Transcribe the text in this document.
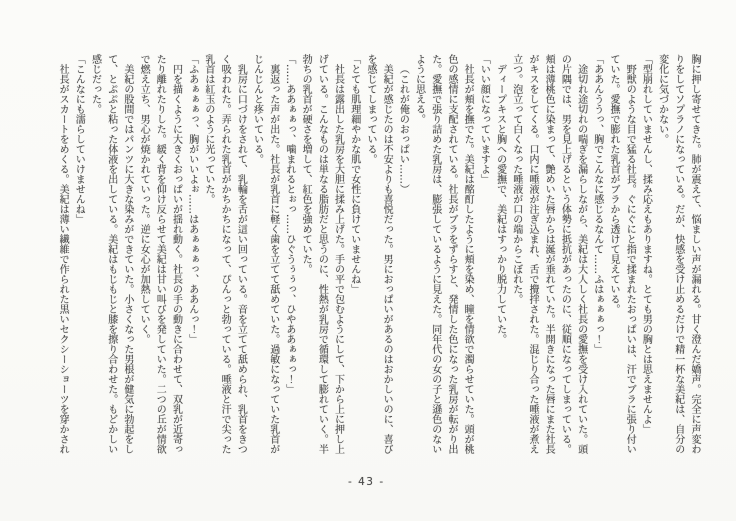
胸に押し寄せてきた。肺が震えて、悩ましい声が漏れる。甘く澄んだ嬌声。完全に声変わりをしてソプラノになっている。だが、快感を受け止めるだけで精一杯な美紀は、自分の変化に気づかない。

「型崩れしていませんし、揉み応えもありますね。とても男の胸とは思えませんよ」

野獣のような目で猛る社長。ぐにぐにと指で揉まれたおっぱいは、汗でブラに張り付いていた。愛撫で膨れた乳首がブラから透けて見えている。

「ああんううっ、胸でこんなに感じるなんて……ふはぁぁぁっ！」

途切れ途切れの喘ぎを漏らしながら、美紀は大人しく社長の愛撫を受け入れていた。頭の片隅では、男を見上げるという体勢に抵抗があったのに、従順になってしまっている。頬は薄桃色に染まって、艶めいた唇からは涎が垂れていた。半開きになった唇にまた社長がキスをしてくる。口内に唾液が注ぎ込まれ、舌で攪拌された。混じり合った唾液が煮え立つ。泡立って白くなった唾液が口の端からこぼれた。

ディープキスと胸への愛撫で、美紀はすっかり脱力していた。

「いい顔になっていますよ」

社長が頬を撫でた。美紀は酩酊したように頬を染め、瞳を情欲で濁らせていた。頭が桃色の感情に支配されている。社長がブラをずらすと、発情した色になった乳房が転がり出た。愛撫で張り詰めた乳房は、膨張しているように見えた。同年代の女の子と遜色のないように思える。

（これが俺のおっぱい……）

美紀が感じたのは不安よりも喜悦だった。男におっぱいがあるのはおかしいのに、喜びを感じてしまっている。

「とても肌理細やかな肌で女性に負けていませんね」

社長は露出した乳房を大胆に揉み上げた。手の平で包むようにして、下から上に押し上げている。こんなものは単なる脂肪だと思うのに、性熱が乳房で循環して膨れていく。半勃ちの乳首が硬さを増して、紅色を強めていた。

「……ああぁぁっ、噛まれるとぉっ……ひぐうぅぅっ、ひやああぁぁっ！」

裏返った声が出た。社長が乳首に軽く歯を立てて舐めていた。過敏になっていた乳首がじんじんと疼いている。

乳房に口づけをされて、乳輪を舌が這い回っている。音を立てて舐められ、乳首をきつく吸われた。弄られた乳首がかちかちになって、ぴんっと勃っている。唾液と汗で尖った乳首は紅玉のように光っていた。

「ふあぁぁぁっ、胸がいいよぉ……はあぁぁぁっ、ああんっ！」

円を描くように大きくおっぱいが揺れ動く。社長の手の動きに合わせて、双乳が近寄ったり離れたりした。緩く背を仰け反らせて美紀は甘い叫びを発していた。二つの丘が情欲で燃え立ち、男心が焼かれていった。逆に女心が加熱していく。

美紀の股間ではパンツに大きな染みができていた。小さくなった男根が健気に勃起をして、とぷぷと粘った体液を出している。美紀はもじもじと膝を擦り合わせた。もどかしい感じだった。

「こんなにも濡らしていけませんね」

社長がスカートをめくる。美紀は薄い繊維で作られた黒いセクシーショーツを穿かされ

- 43 -
